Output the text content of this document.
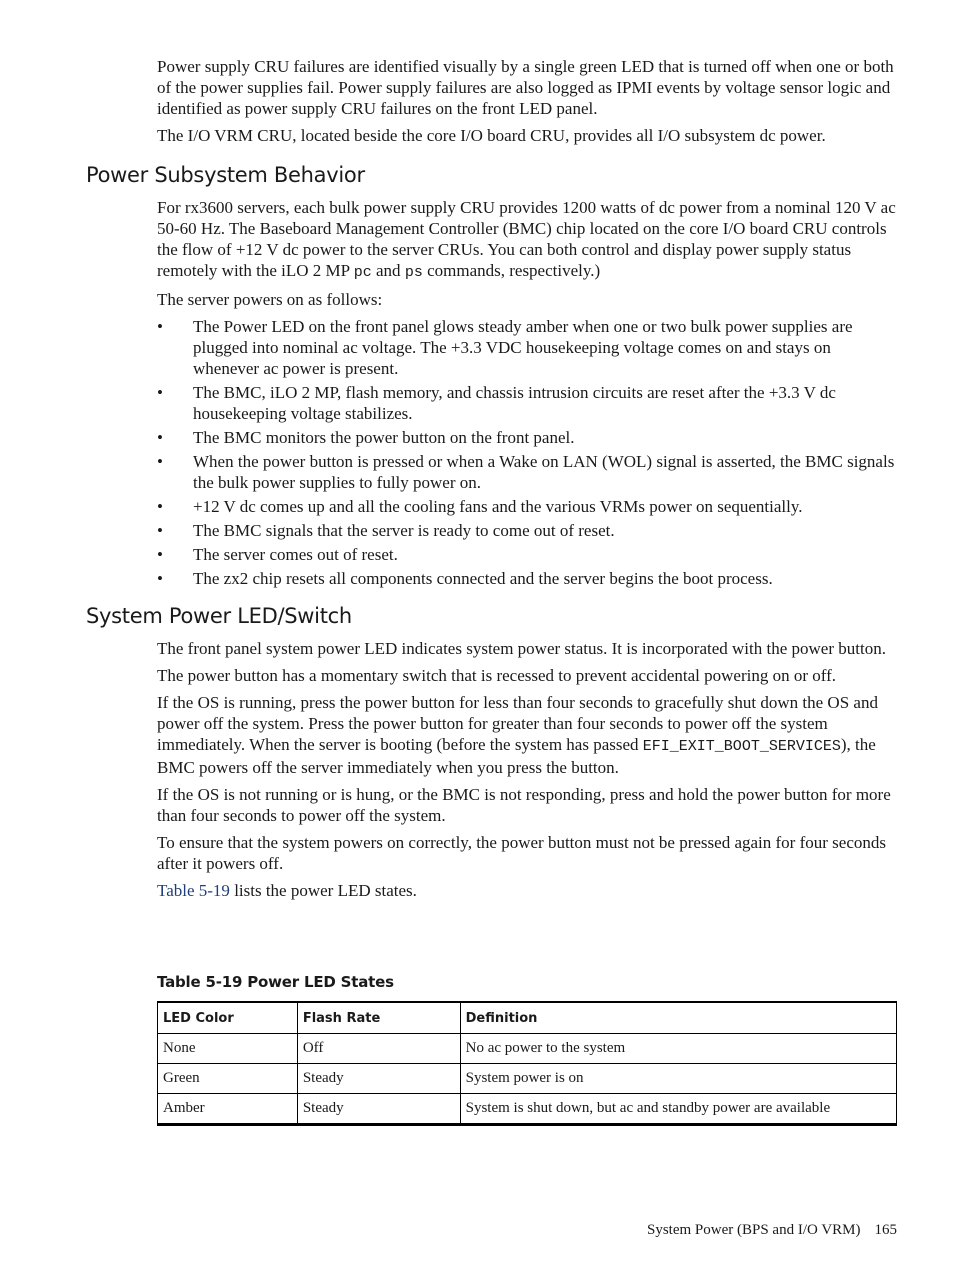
Power supply CRU failures are identified visually by a single green LED that is turned off when one or both of the power supplies fail. Power supply failures are also logged as IPMI events by voltage sensor logic and identified as power supply CRU failures on the front LED panel.

The I/O VRM CRU, located beside the core I/O board CRU, provides all I/O subsystem dc power.

Power Subsystem Behavior

For rx3600 servers, each bulk power supply CRU provides 1200 watts of dc power from a nominal 120 V ac 50-60 Hz. The Baseboard Management Controller (BMC) chip located on the core I/O board CRU controls the flow of +12 V dc power to the server CRUs. You can both control and display power supply status remotely with the iLO 2 MP pc and ps commands, respectively.)

The server powers on as follows:

• The Power LED on the front panel glows steady amber when one or two bulk power supplies are plugged into nominal ac voltage. The +3.3 VDC housekeeping voltage comes on and stays on whenever ac power is present.
• The BMC, iLO 2 MP, flash memory, and chassis intrusion circuits are reset after the +3.3 V dc housekeeping voltage stabilizes.
• The BMC monitors the power button on the front panel.
• When the power button is pressed or when a Wake on LAN (WOL) signal is asserted, the BMC signals the bulk power supplies to fully power on.
• +12 V dc comes up and all the cooling fans and the various VRMs power on sequentially.
• The BMC signals that the server is ready to come out of reset.
• The server comes out of reset.
• The zx2 chip resets all components connected and the server begins the boot process.
System Power LED/Switch

The front panel system power LED indicates system power status. It is incorporated with the power button.

The power button has a momentary switch that is recessed to prevent accidental powering on or off.

If the OS is running, press the power button for less than four seconds to gracefully shut down the OS and power off the system. Press the power button for greater than four seconds to power off the system immediately. When the server is booting (before the system has passed EFI_EXIT_BOOT_SERVICES), the BMC powers off the server immediately when you press the button.

If the OS is not running or is hung, or the BMC is not responding, press and hold the power button for more than four seconds to power off the system.

To ensure that the system powers on correctly, the power button must not be pressed again for four seconds after it powers off.

Table 5-19 lists the power LED states.

Table 5-19 Power LED States
LED Color	Flash Rate	Definition
None	Off	No ac power to the system
Green	Steady	System power is on
Amber	Steady	System is shut down, but ac and standby power are available
System Power (BPS and I/O VRM) 165
